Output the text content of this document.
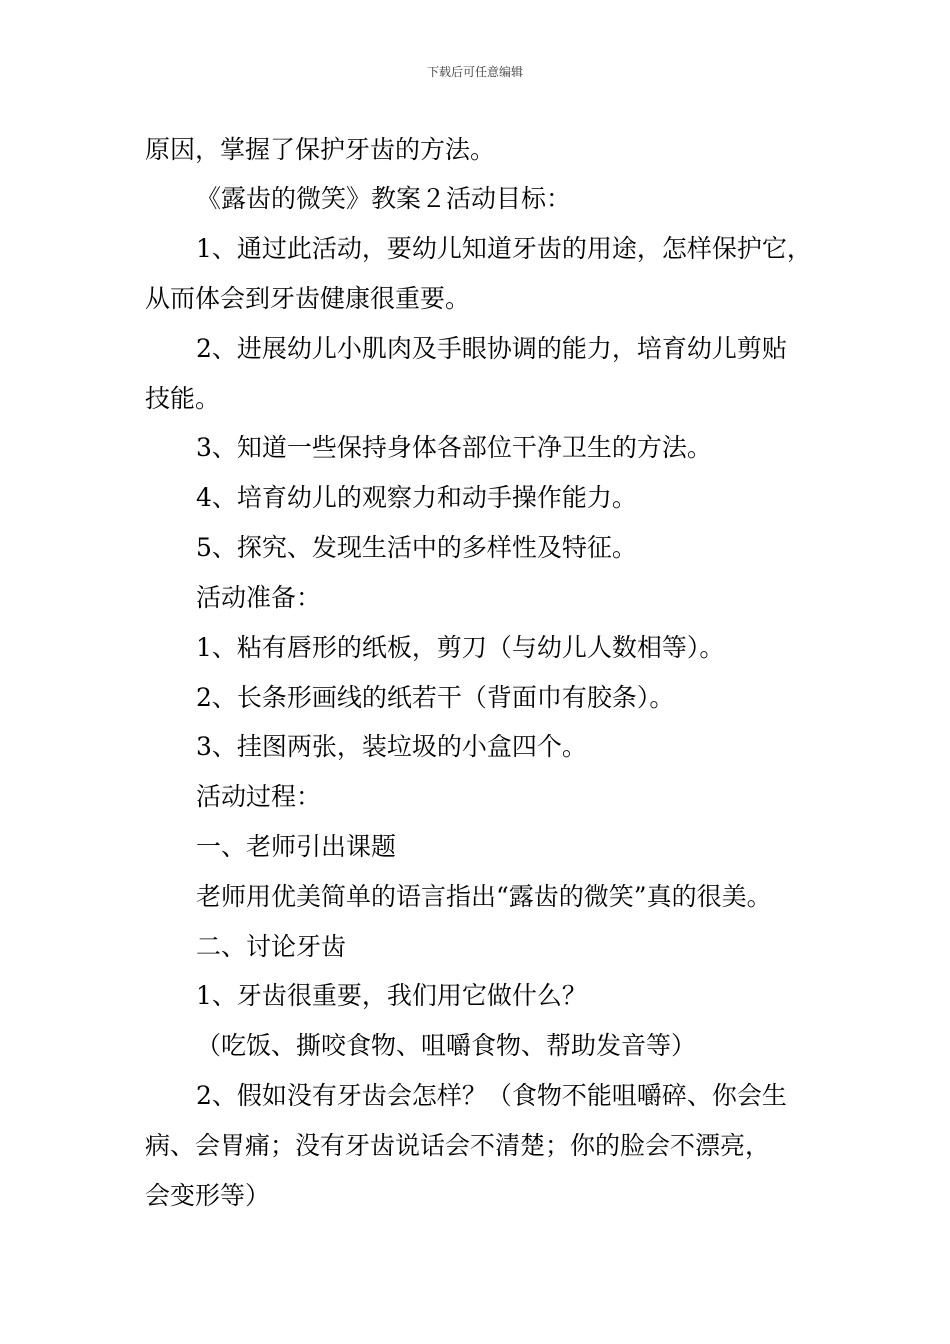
下载后可任意编辑
原因，掌握了保护牙齿的方法。
《露齿的微笑》教案２活动目标：
1、通过此活动，要幼儿知道牙齿的用途，怎样保护它，
从而体会到牙齿健康很重要。
2、进展幼儿小肌肉及手眼协调的能力，培育幼儿剪贴
技能。
3、知道一些保持身体各部位干净卫生的方法。
4、培育幼儿的观察力和动手操作能力。
5、探究、发现生活中的多样性及特征。
活动准备：
1、粘有唇形的纸板，剪刀（与幼儿人数相等）。
2、长条形画线的纸若干（背面巾有胶条）。
3、挂图两张，装垃圾的小盒四个。
活动过程：
一、老师引出课题
老师用优美简单的语言指出“露齿的微笑”真的很美。
二、讨论牙齿
1、牙齿很重要，我们用它做什么？
（吃饭、撕咬食物、咀嚼食物、帮助发音等）
2、假如没有牙齿会怎样？（食物不能咀嚼碎、你会生
病、会胃痛；没有牙齿说话会不清楚；你的脸会不漂亮，
会变形等）
